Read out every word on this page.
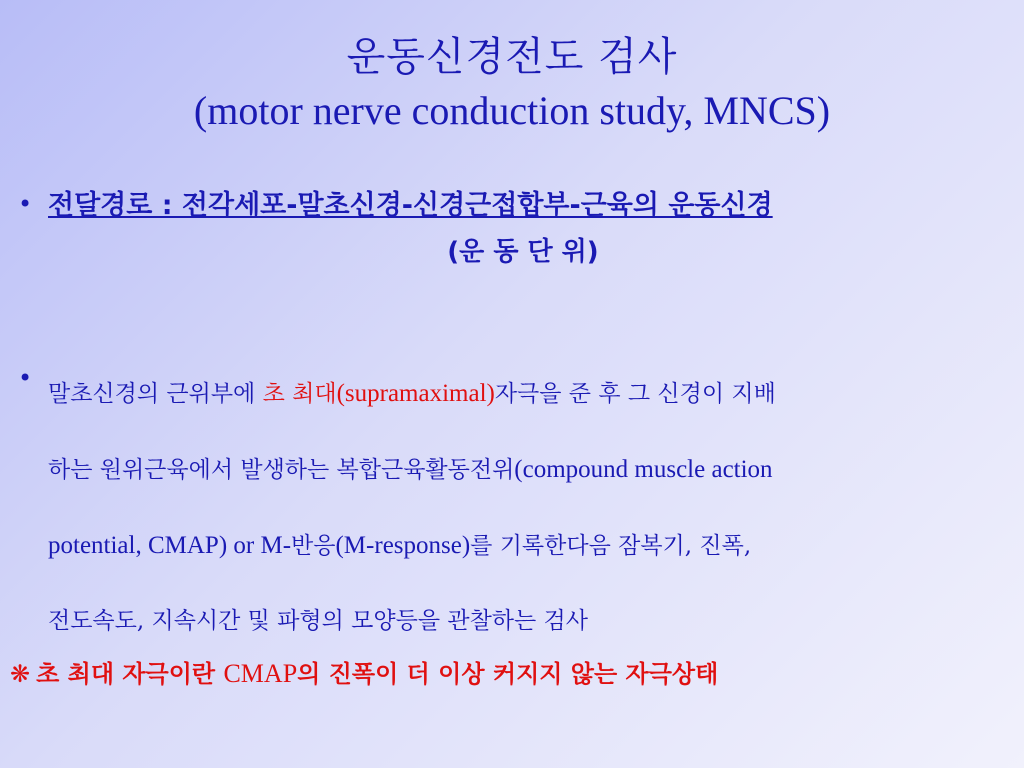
운동신경전도 검사
(motor nerve conduction study, MNCS)
• 전달경로 : 전각세포-말초신경-신경근접합부-근육의 운동신경
(운 동 단 위)
•
말초신경의 근위부에 초 최대(supramaximal)자극을 준 후 그 신경이 지배
하는 원위근육에서 발생하는 복합근육활동전위(compound muscle action
potential, CMAP) or M-반응(M-response)를 기록한다음 잠복기, 진폭,
전도속도, 지속시간 및 파형의 모양등을 관찰하는 검사
❋ 초 최대 자극이란 CMAP의 진폭이 더 이상 커지지 않는 자극상태
